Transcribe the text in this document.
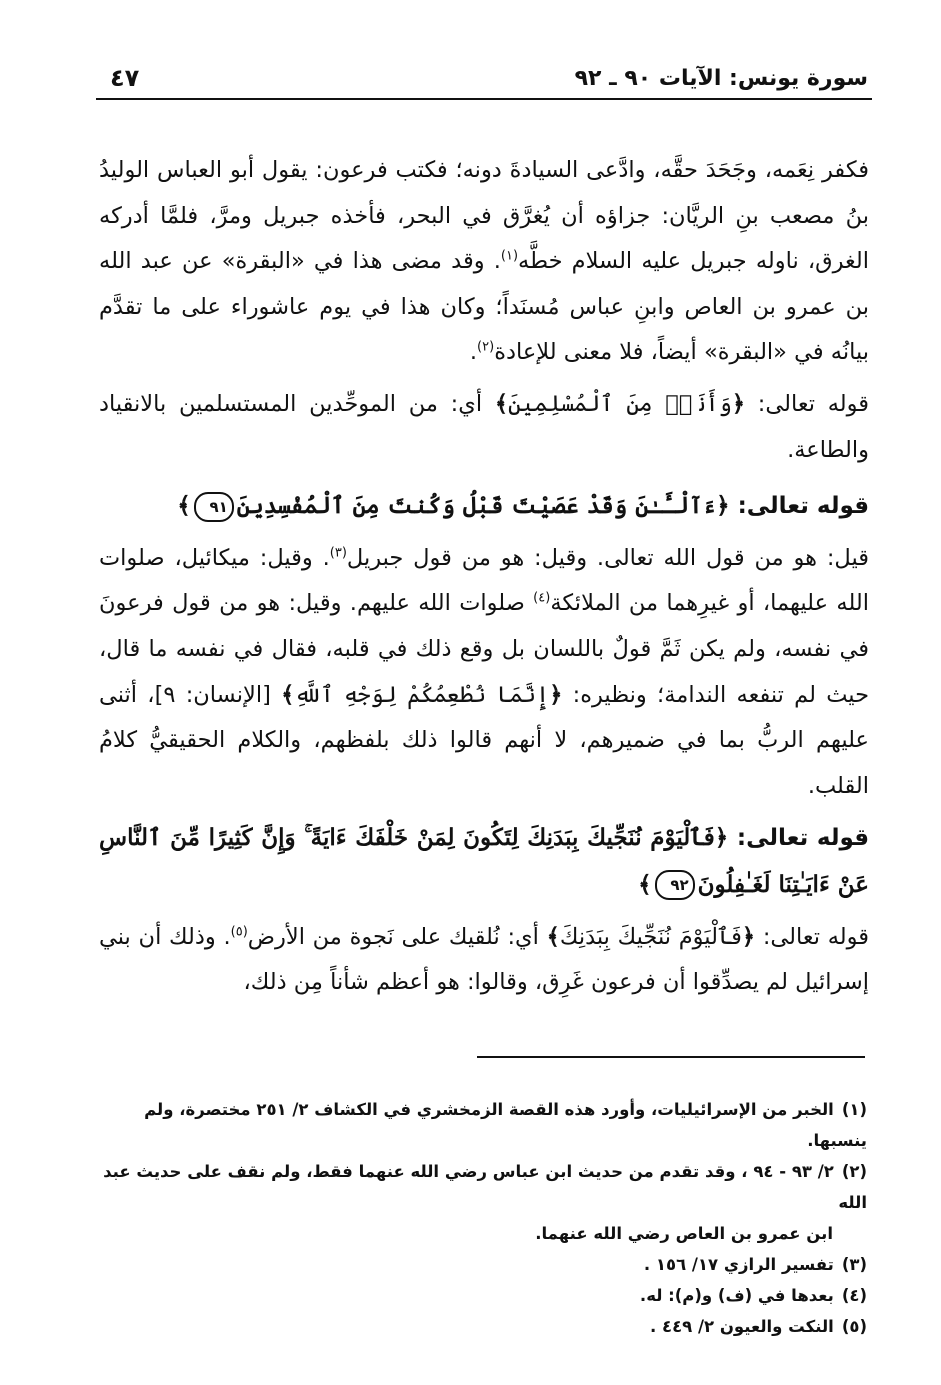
سورة يونس: الآيات ٩٠ ـ ٩٢
٤٧

فكفر نِعَمه، وجَحَدَ حقَّه، وادَّعى السيادةَ دونه؛ فكتب فرعون: يقول أبو العباس الوليدُ بنُ مصعب بنِ الريَّان: جزاؤه أن يُغرَّق في البحر، فأخذه جبريل ومرَّ، فلمَّا أدركه الغرق، ناوله جبريل عليه السلام خطَّه$^{(١)}$. وقد مضى هذا في «البقرة» عن عبد الله بن عمرو بن العاص وابنِ عباس مُسنَداً؛ وكان هذا في يوم عاشوراء على ما تقدَّم بيانُه في «البقرة» أيضاً، فلا معنى للإعادة$^{(٢)}$.

قوله تعالى: ﴿وَأَنَا۠ مِنَ ٱلْمُسْلِمِينَ﴾ أي: من الموحِّدين المستسلمين بالانقياد والطاعة.

قوله تعالى: ﴿ءَآلْـَٔـٰنَ وَقَدْ عَصَيْتَ قَبْلُ وَكُنتَ مِنَ ٱلْمُفْسِدِينَ٩١﴾

قيل: هو من قول الله تعالى. وقيل: هو من قول جبريل$^{(٣)}$. وقيل: ميكائيل، صلوات الله عليهما، أو غيرِهما من الملائكة$^{(٤)}$ صلوات الله عليهم. وقيل: هو من قول فرعونَ في نفسه، ولم يكن ثَمَّ قولٌ باللسان بل وقع ذلك في قلبه، فقال في نفسه ما قال، حيث لم تنفعه الندامة؛ ونظيره: ﴿إِنَّمَا نُطْعِمُكُمْ لِوَجْهِ ٱللَّهِ﴾ [الإنسان: ٩]، أثنى عليهم الربُّ بما في ضميرهم، لا أنهم قالوا ذلك بلفظهم، والكلام الحقيقيُّ كلامُ القلب.

قوله تعالى: ﴿فَٱلْيَوْمَ نُنَجِّيكَ بِبَدَنِكَ لِتَكُونَ لِمَنْ خَلْفَكَ ءَايَةً ۚ وَإِنَّ كَثِيرًا مِّنَ ٱلنَّاسِ عَنْ ءَايَـٰتِنَا لَغَـٰفِلُونَ٩٢﴾

قوله تعالى: ﴿فَٱلْيَوْمَ نُنَجِّيكَ بِبَدَنِكَ﴾ أي: نُلقيك على نَجوة من الأرض$^{(٥)}$. وذلك أن بني إسرائيل لم يصدِّقوا أن فرعون غَرِق، وقالوا: هو أعظم شأناً مِن ذلك،

(١)الخبر من الإسرائيليات، وأورد هذه القصة الزمخشري في الكشاف ٢/ ٢٥١ مختصرة، ولم ينسبها.

(٢)٢/ ٩٣ - ٩٤ ، وقد تقدم من حديث ابن عباس رضي الله عنهما فقط، ولم نقف على حديث عبد الله

ابن عمرو بن العاص رضي الله عنهما.

(٣)تفسير الرازي ١٧/ ١٥٦ .

(٤)بعدها في (ف) و(م): له.

(٥)النكت والعيون ٢/ ٤٤٩ .
